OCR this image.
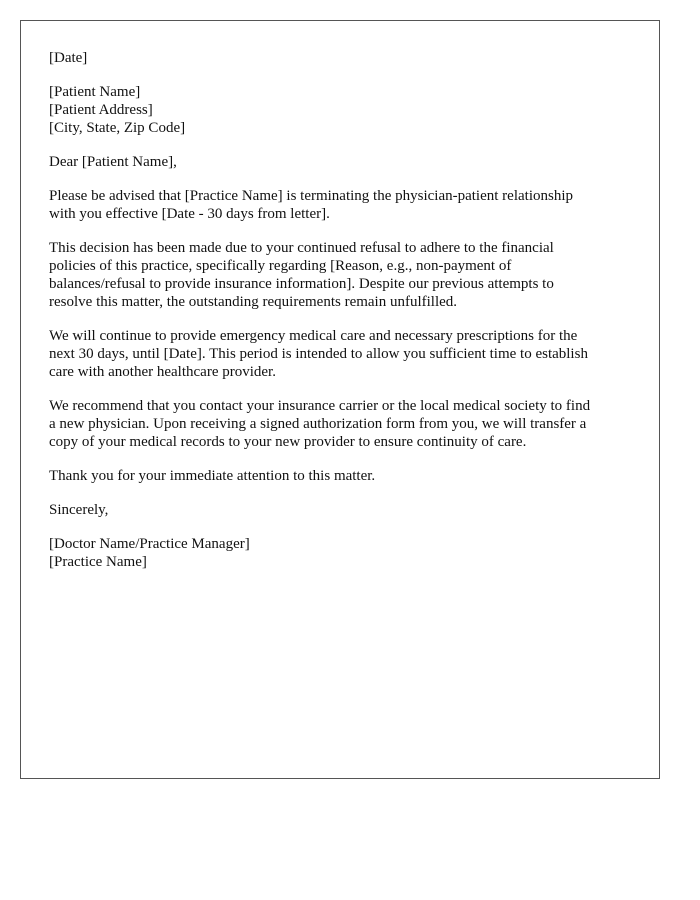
[Date]
[Patient Name]
[Patient Address]
[City, State, Zip Code]

Dear [Patient Name],

Please be advised that [Practice Name] is terminating the physician-patient relationship
with you effective [Date - 30 days from letter].

This decision has been made due to your continued refusal to adhere to the financial
policies of this practice, specifically regarding [Reason, e.g., non-payment of
balances/refusal to provide insurance information]. Despite our previous attempts to
resolve this matter, the outstanding requirements remain unfulfilled.

We will continue to provide emergency medical care and necessary prescriptions for the
next 30 days, until [Date]. This period is intended to allow you sufficient time to establish
care with another healthcare provider.

We recommend that you contact your insurance carrier or the local medical society to find
a new physician. Upon receiving a signed authorization form from you, we will transfer a
copy of your medical records to your new provider to ensure continuity of care.

Thank you for your immediate attention to this matter.

Sincerely,

[Doctor Name/Practice Manager]
[Practice Name]
